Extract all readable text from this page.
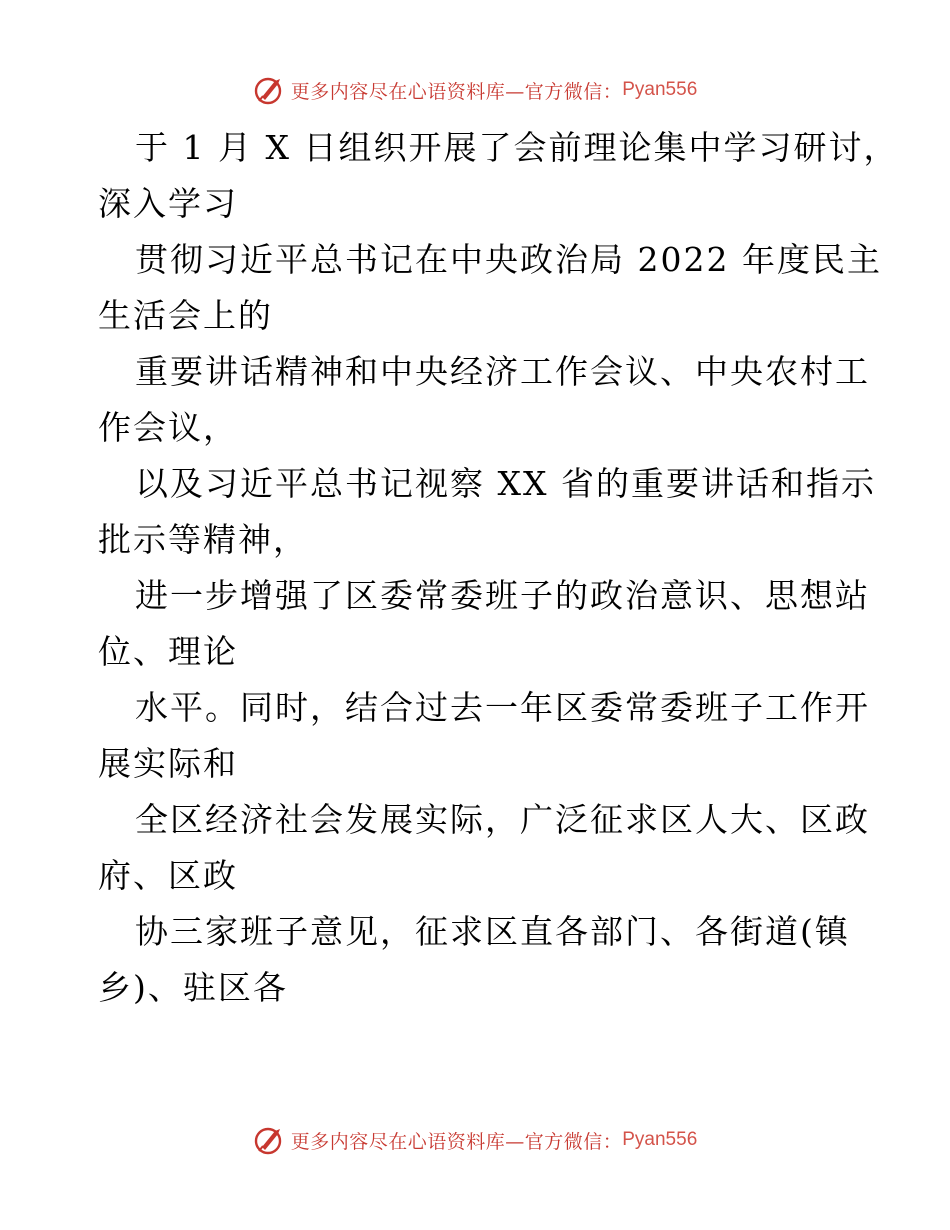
更多内容尽在心语资料库—官方微信： Pyan556
于 1 月 X 日组织开展了会前理论集中学习研讨，
深入学习
贯彻习近平总书记在中央政治局 2022 年度民主
生活会上的
重要讲话精神和中央经济工作会议、中央农村工
作会议，
以及习近平总书记视察 XX 省的重要讲话和指示
批示等精神，
进一步增强了区委常委班子的政治意识、思想站
位、理论
水平。同时，结合过去一年区委常委班子工作开
展实际和
全区经济社会发展实际，广泛征求区人大、区政
府、区政
协三家班子意见，征求区直各部门、各街道(镇
乡)、驻区各
更多内容尽在心语资料库—官方微信： Pyan556
